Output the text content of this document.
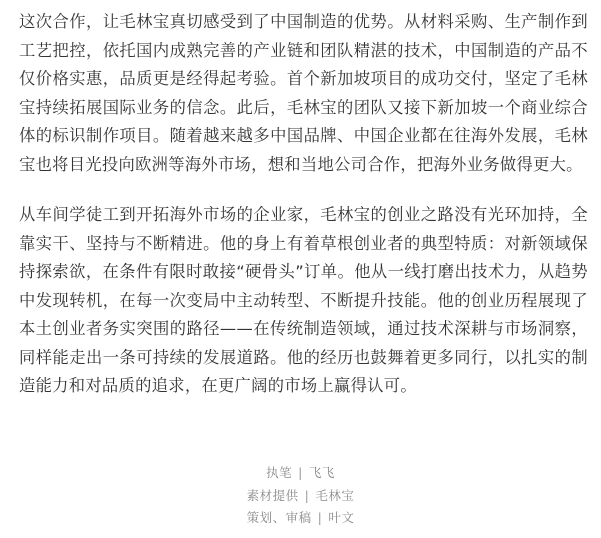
这次合作，让毛林宝真切感受到了中国制造的优势。从材料采购、生产制作到工艺把控，依托国内成熟完善的产业链和团队精湛的技术，中国制造的产品不仅价格实惠，品质更是经得起考验。首个新加坡项目的成功交付，坚定了毛林宝持续拓展国际业务的信念。此后，毛林宝的团队又接下新加坡一个商业综合体的标识制作项目。随着越来越多中国品牌、中国企业都在往海外发展，毛林宝也将目光投向欧洲等海外市场，想和当地公司合作，把海外业务做得更大。

从车间学徒工到开拓海外市场的企业家，毛林宝的创业之路没有光环加持，全靠实干、坚持与不断精进。他的身上有着草根创业者的典型特质：对新领域保持探索欲，在条件有限时敢接“硬骨头”订单。他从一线打磨出技术力，从趋势中发现转机，在每一次变局中主动转型、不断提升技能。他的创业历程展现了本土创业者务实突围的路径——在传统制造领域，通过技术深耕与市场洞察，同样能走出一条可持续的发展道路。他的经历也鼓舞着更多同行，以扎实的制造能力和对品质的追求，在更广阔的市场上赢得认可。

执笔 | 飞飞
素材提供 | 毛林宝
策划、审稿 | 叶文
